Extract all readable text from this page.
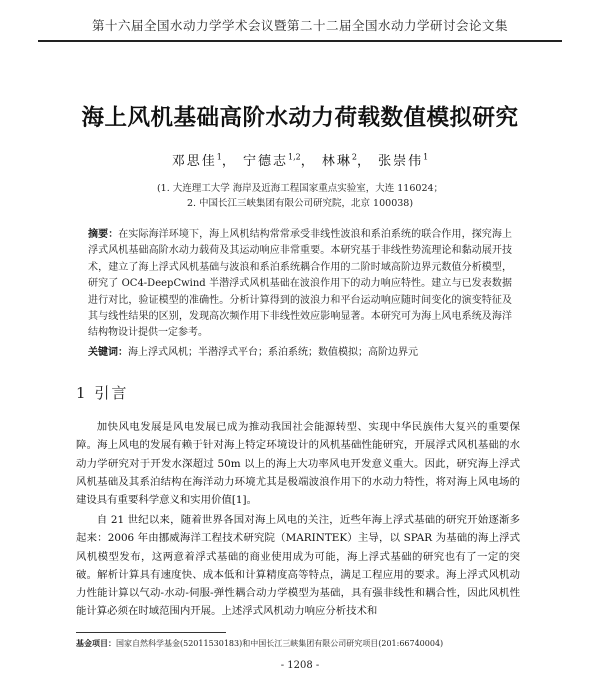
第十六届全国水动力学学术会议暨第二十二届全国水动力学研讨会论文集
海上风机基础高阶水动力荷载数值模拟研究
邓思佳$^1$， 宁德志$^{1,2}$， 林琳$^2$， 张崇伟$^1$
(1. 大连理工大学 海岸及近海工程国家重点实验室，大连 116024；
2. 中国长江三峡集团有限公司研究院，北京 100038)
摘要：在实际海洋环境下，海上风机结构常常承受非线性波浪和系泊系统的联合作用，探究海上浮式风机基础高阶水动力载荷及其运动响应非常重要。本研究基于非线性势流理论和黏动展开技术，建立了海上浮式风机基础与波浪和系泊系统耦合作用的二阶时域高阶边界元数值分析模型，研究了 OC4-DeepCwind 半潜浮式风机基础在波浪作用下的动力响应特性。建立与已发表数据进行对比，验证模型的准确性。分析计算得到的波浪力和平台运动响应随时间变化的演变特征及其与线性结果的区别，发现高次频作用下非线性效应影响显著。本研究可为海上风电系统及海洋结构物设计提供一定参考。
关键词：海上浮式风机；半潜浮式平台；系泊系统；数值模拟；高阶边界元
1 引言

加快风电发展是风电发展已成为推动我国社会能源转型、实现中华民族伟大复兴的重要保障。海上风电的发展有赖于针对海上特定环境设计的风机基础性能研究，开展浮式风机基础的水动力学研究对于开发水深超过 50m 以上的海上大功率风电开发意义重大。因此，研究海上浮式风机基础及其系泊结构在海洋动力环境尤其是极端波浪作用下的水动力特性，将对海上风电场的建设具有重要科学意义和实用价值[1]。

自 21 世纪以来，随着世界各国对海上风电的关注，近些年海上浮式基础的研究开始逐渐多起来：2006 年由挪威海洋工程技术研究院（MARINTEK）主导，以 SPAR 为基础的海上浮式风机模型发布，这两意着浮式基础的商业使用成为可能，海上浮式基础的研究也有了一定的突破。解析计算具有速度快、成本低和计算精度高等特点，满足工程应用的要求。海上浮式风机动力性能计算以气动-水动-伺服-弹性耦合动力学模型为基础，具有强非线性和耦合性，因此风机性能计算必须在时域范围内开展。上述浮式风机动力响应分析技术和

基金项目：国家自然科学基金(52011530183)和中国长江三峡集团有限公司研究项目(201:66740004)
- 1208 -
